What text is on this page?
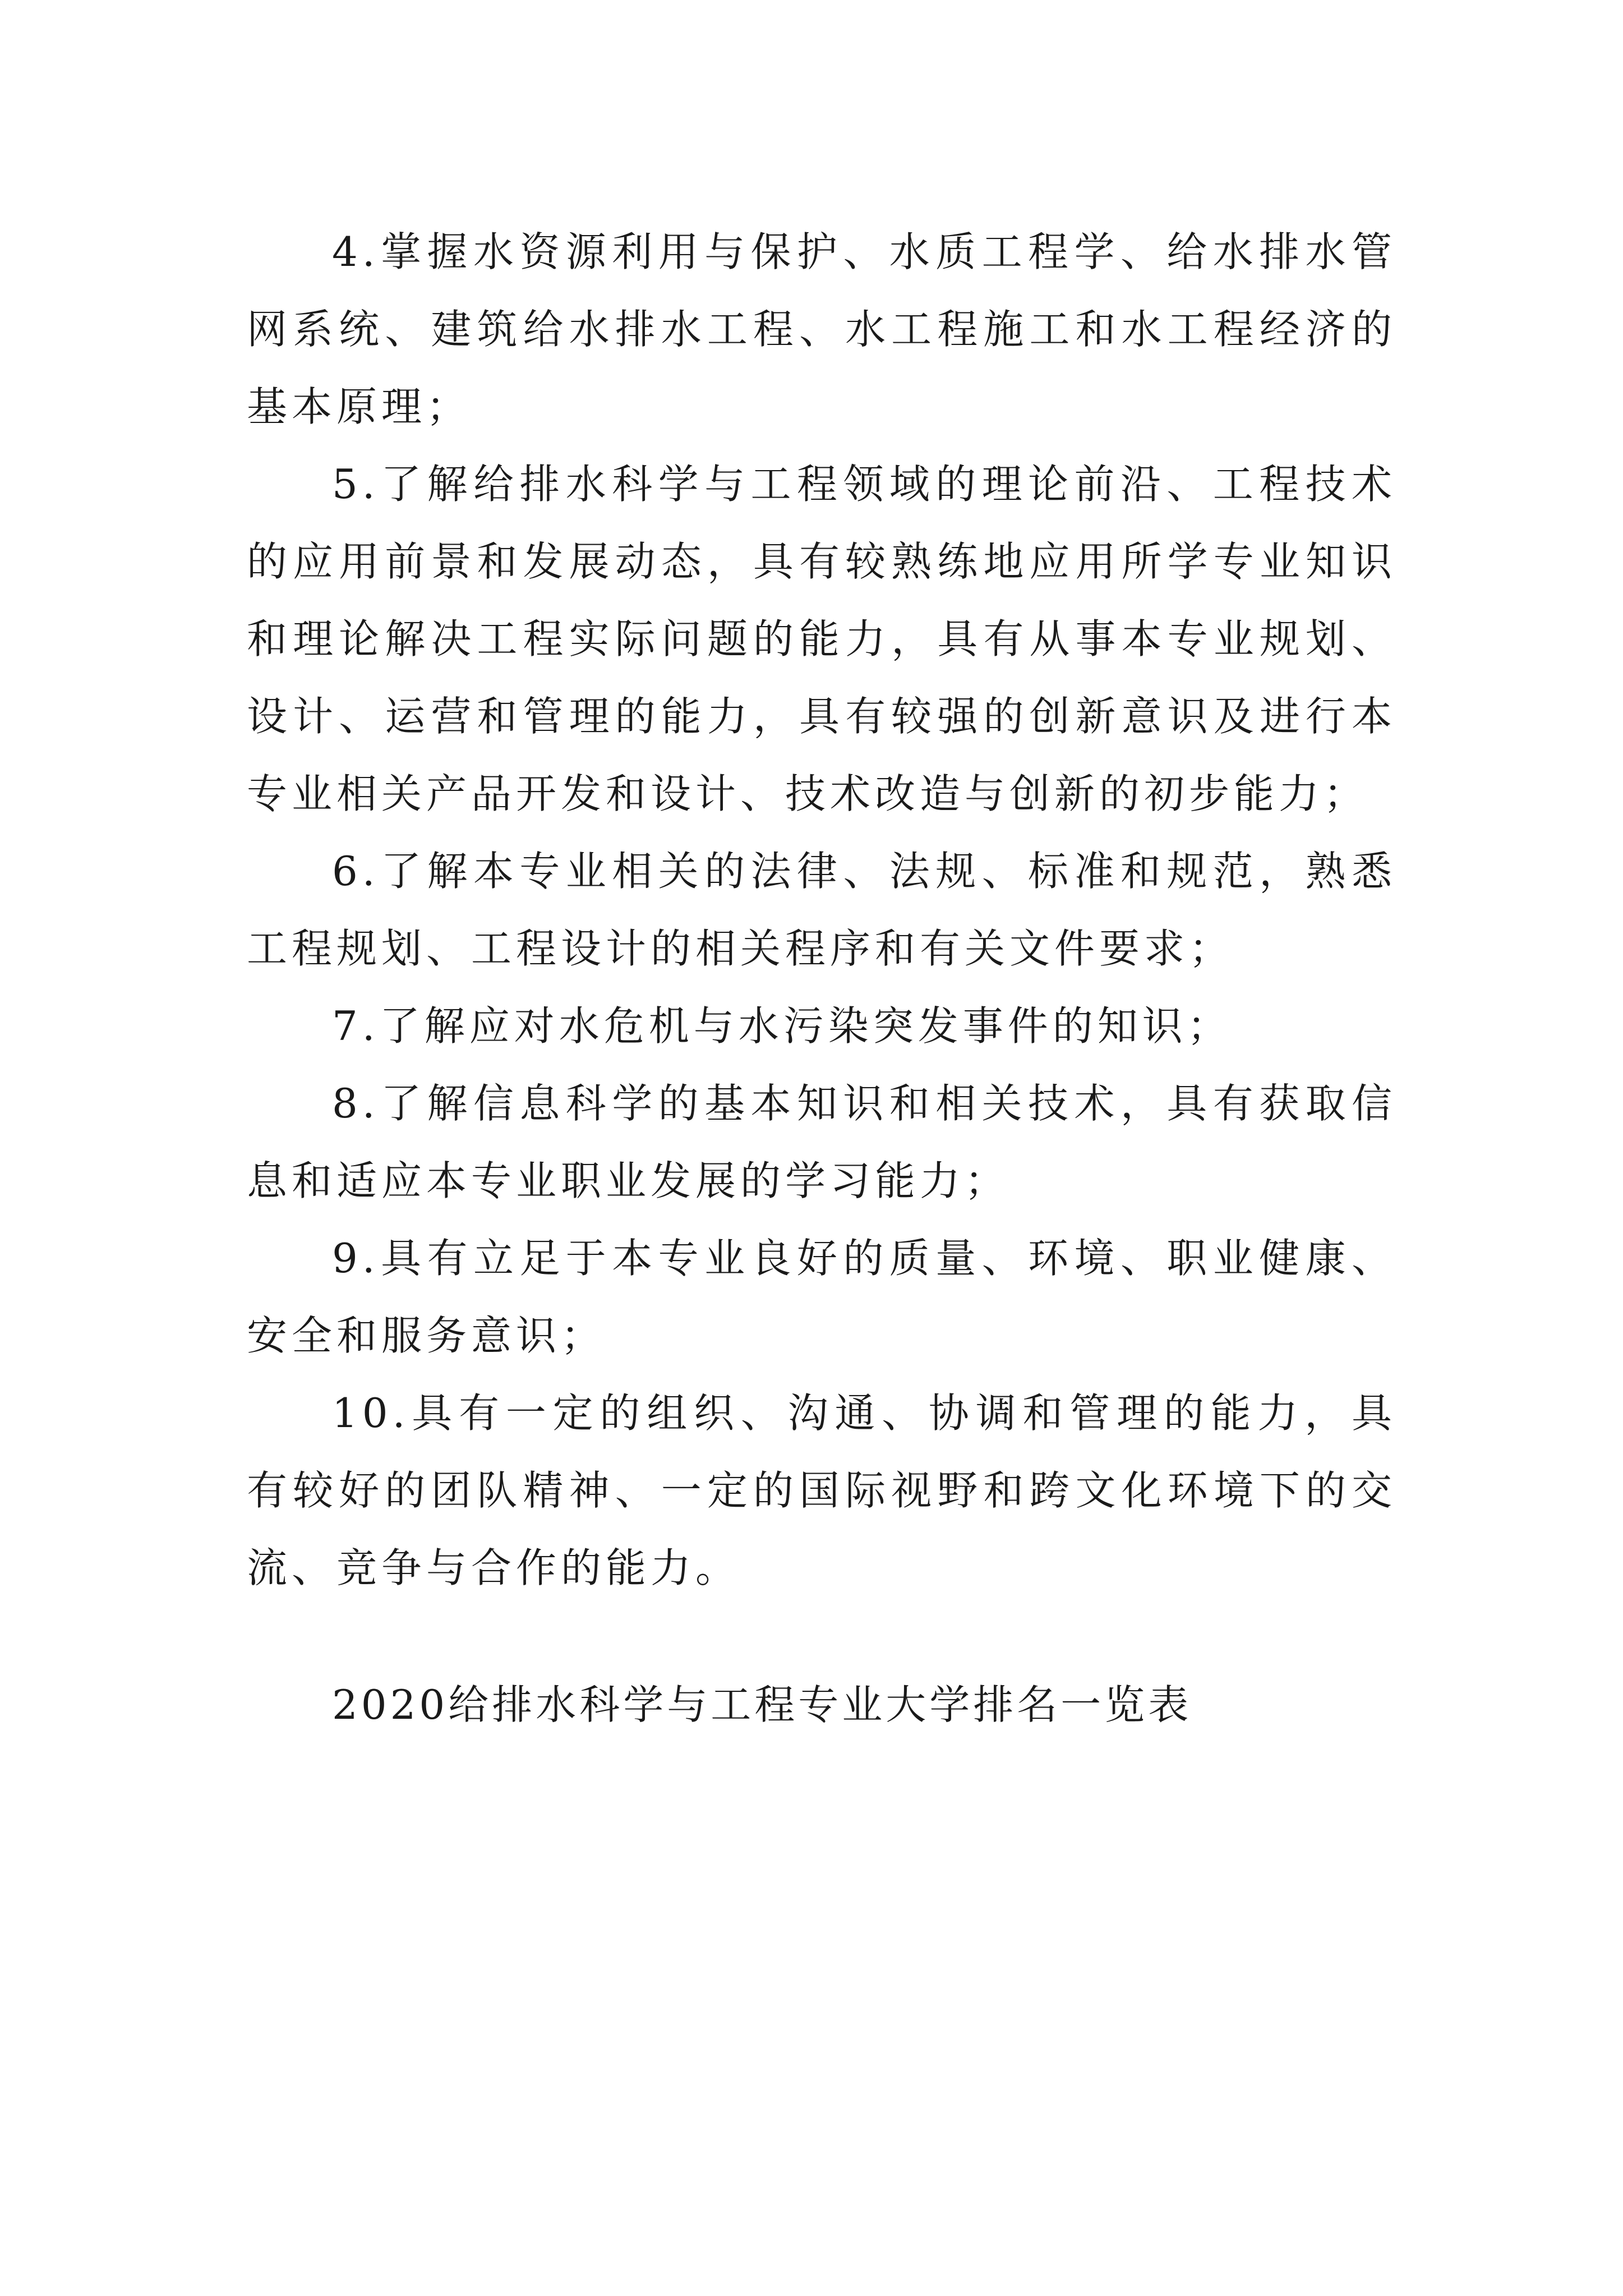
4.掌握水资源利用与保护、水质工程学、给水排水管网系统、建筑给水排水工程、水工程施工和水工程经济的基本原理；

5.了解给排水科学与工程领域的理论前沿、工程技术的应用前景和发展动态，具有较熟练地应用所学专业知识和理论解决工程实际问题的能力，具有从事本专业规划、设计、运营和管理的能力，具有较强的创新意识及进行本专业相关产品开发和设计、技术改造与创新的初步能力；

6.了解本专业相关的法律、法规、标准和规范，熟悉工程规划、工程设计的相关程序和有关文件要求；

7.了解应对水危机与水污染突发事件的知识；

8.了解信息科学的基本知识和相关技术，具有获取信息和适应本专业职业发展的学习能力；

9.具有立足于本专业良好的质量、环境、职业健康、安全和服务意识；

10.具有一定的组织、沟通、协调和管理的能力，具有较好的团队精神、一定的国际视野和跨文化环境下的交流、竞争与合作的能力。

2020给排水科学与工程专业大学排名一览表
